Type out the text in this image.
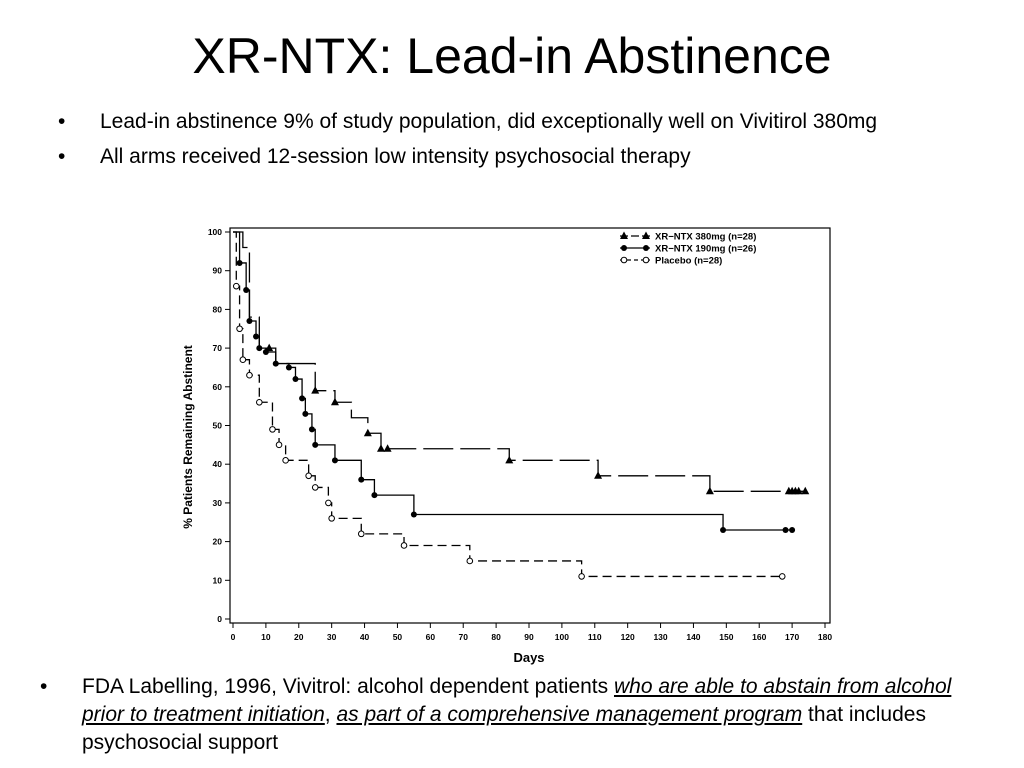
XR-NTX: Lead-in Abstinence
• Lead-in abstinence 9% of study population, did exceptionally well on Vivitirol 380mg
• All arms received 12-session low intensity psychosocial therapy
0	10	20	30	40	50	60	70	80	90 100 110 120 130 140 150 160 170 180
0
10
20
30
40
50
60
70
80
90
100	XR−NTX 380mg (n=28)
XR−NTX 190mg (n=26)
Placebo (n=28)
Days
% Patients Remaining Abstinent
• FDA Labelling, 1996, Vivitrol: alcohol dependent patients who are able to abstain from alcohol prior to treatment initiation, as part of a comprehensive management program that includes psychosocial support
